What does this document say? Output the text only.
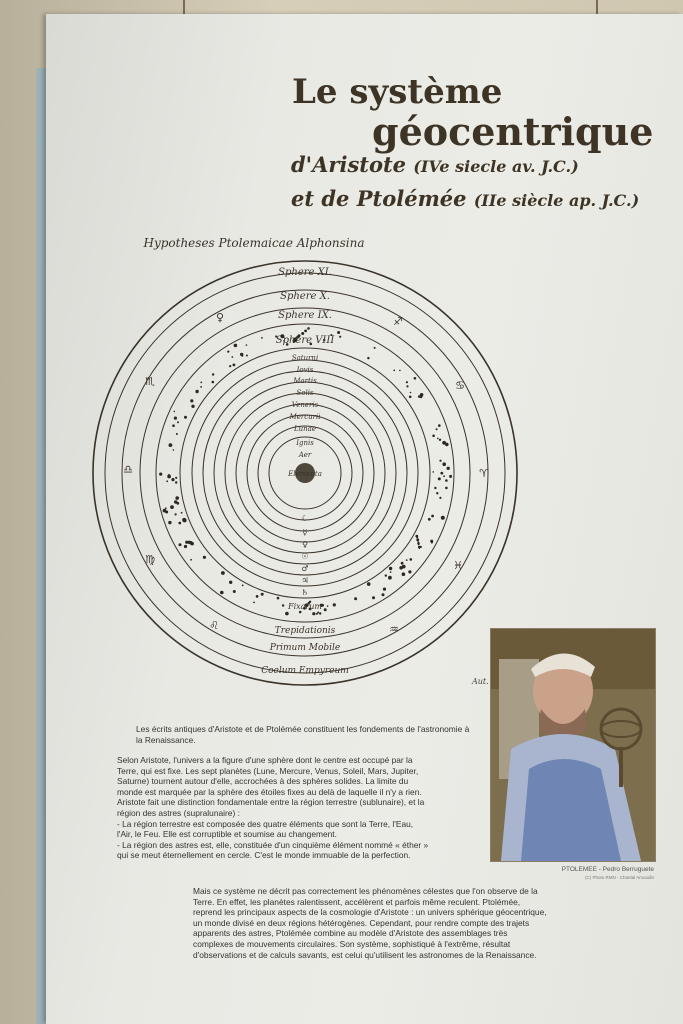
Le système
géocentrique
d'Aristote (IVe siecle av. J.C.)
et de Ptolémée (IIe siècle ap. J.C.)
Hypotheses Ptolemaicae Alphonsina
Sphere XI.
Sphere X.
Sphere IX.
Sphere VIII
Saturni
Iovis
Martis
Solis
Veneris
Mercurii
Lunae
Ignis
Aer
Elementa
Fixarum
Trepidationis
Primum Mobile
Coelum Empyreum
♀	♐
♏	♋
♎	♈
♍	♓
♌	♒
☾
☿
♀
☉
♂
♃
♄
Aut.
Les écrits antiques d'Aristote et de Ptolémée constituent les fondements de l'astronomie à la Renaissance.

Selon Aristote, l'univers a la figure d'une sphère dont le centre est occupé par la Terre, qui est fixe. Les sept planètes (Lune, Mercure, Venus, Soleil, Mars, Jupiter, Saturne) tournent autour d'elle, accrochées à des sphères solides. La limite du monde est marquée par la sphère des étoiles fixes au delà de laquelle il n'y a rien.

Aristote fait une distinction fondamentale entre la région terrestre (sublunaire), et la région des astres (supralunaire) :

- La région terrestre est composée des quatre éléments que sont la Terre, l'Eau, l'Air, le Feu. Elle est corruptible et soumise au changement.

- La région des astres est, elle, constituée d'un cinquième élément nommé « éther » qui se meut éternellement en cercle. C'est le monde immuable de la perfection.

Mais ce système ne décrit pas correctement les phénomènes célestes que l'on observe de la Terre. En effet, les planètes ralentissent, accélèrent et parfois même reculent. Ptolémée, reprend les principaux aspects de la cosmologie d'Aristote : un univers sphérique géocentrique, un monde divisé en deux régions hétérogènes. Cependant, pour rendre compte des trajets apparents des astres, Ptolémée combine au modèle d'Aristote des assemblages très complexes de mouvements circulaires. Son système, sophistiqué à l'extrême, résultat d'observations et de calculs savants, est celui qu'utilisent les astronomes de la Renaissance.
PTOLEMEE - Pedro Berruguete
(C) Photo RMN - Chantal Amoudin
